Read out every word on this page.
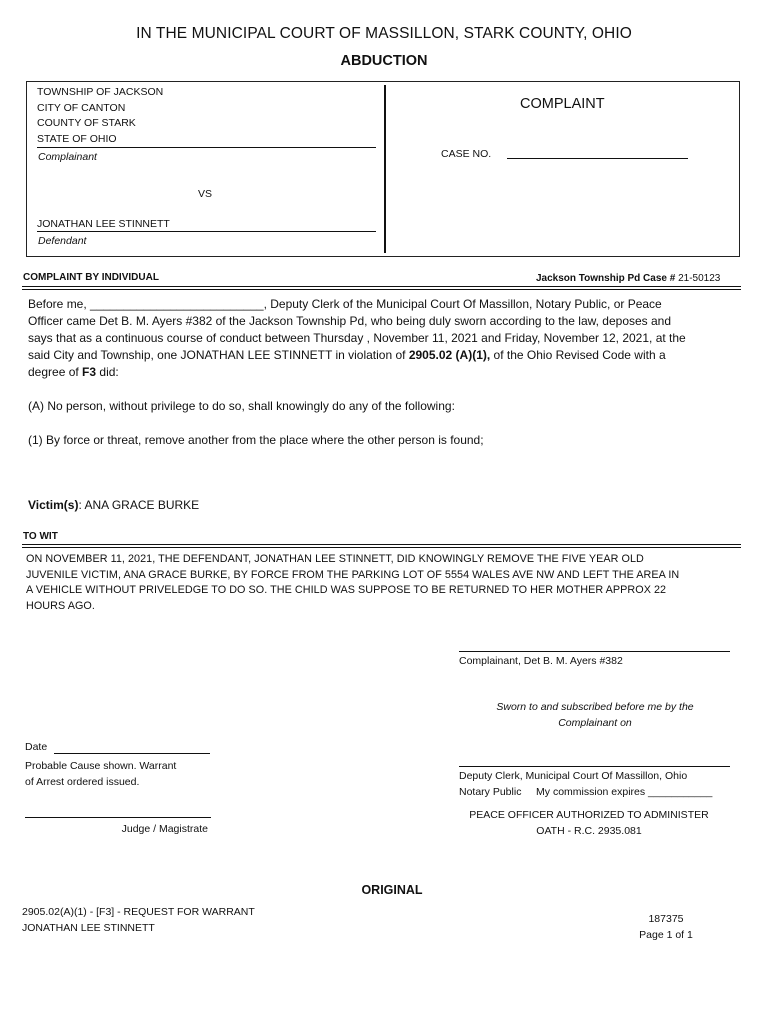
IN THE MUNICIPAL COURT OF MASSILLON, STARK COUNTY, OHIO
ABDUCTION
TOWNSHIP OF JACKSON
CITY OF CANTON
COUNTY OF STARK
STATE OF OHIO
Complainant
VS
JONATHAN LEE STINNETT
Defendant
COMPLAINT
CASE NO.
COMPLAINT BY INDIVIDUAL	Jackson Township Pd Case # 21-50123
Before me, __________________________, Deputy Clerk of the Municipal Court Of Massillon, Notary Public, or Peace Officer came Det B. M. Ayers #382 of the Jackson Township Pd, who being duly sworn according to the law, deposes and says that as a continuous course of conduct between Thursday , November 11, 2021 and Friday, November 12, 2021, at the said City and Township, one JONATHAN LEE STINNETT in violation of 2905.02 (A)(1), of the Ohio Revised Code with a degree of F3 did:
(A) No person, without privilege to do so, shall knowingly do any of the following:
(1) By force or threat, remove another from the place where the other person is found;
Victim(s): ANA GRACE BURKE
TO WIT
ON NOVEMBER 11, 2021, THE DEFENDANT, JONATHAN LEE STINNETT, DID KNOWINGLY REMOVE THE FIVE YEAR OLD JUVENILE VICTIM, ANA GRACE BURKE, BY FORCE FROM THE PARKING LOT OF 5554 WALES AVE NW AND LEFT THE AREA IN A VEHICLE WITHOUT PRIVELEDGE TO DO SO. THE CHILD WAS SUPPOSE TO BE RETURNED TO HER MOTHER APPROX 22 HOURS AGO.
Complainant, Det B. M. Ayers #382
Sworn to and subscribed before me by the
Complainant on
Date
Probable Cause shown. Warrant
of Arrest ordered issued.	Deputy Clerk, Municipal Court Of Massillon, Ohio
Notary Public     My commission expires ___________
Judge / Magistrate
PEACE OFFICER AUTHORIZED TO ADMINISTER
OATH - R.C. 2935.081
ORIGINAL
2905.02(A)(1) - [F3] - REQUEST FOR WARRANT
JONATHAN LEE STINNETT
187375
Page 1 of 1
